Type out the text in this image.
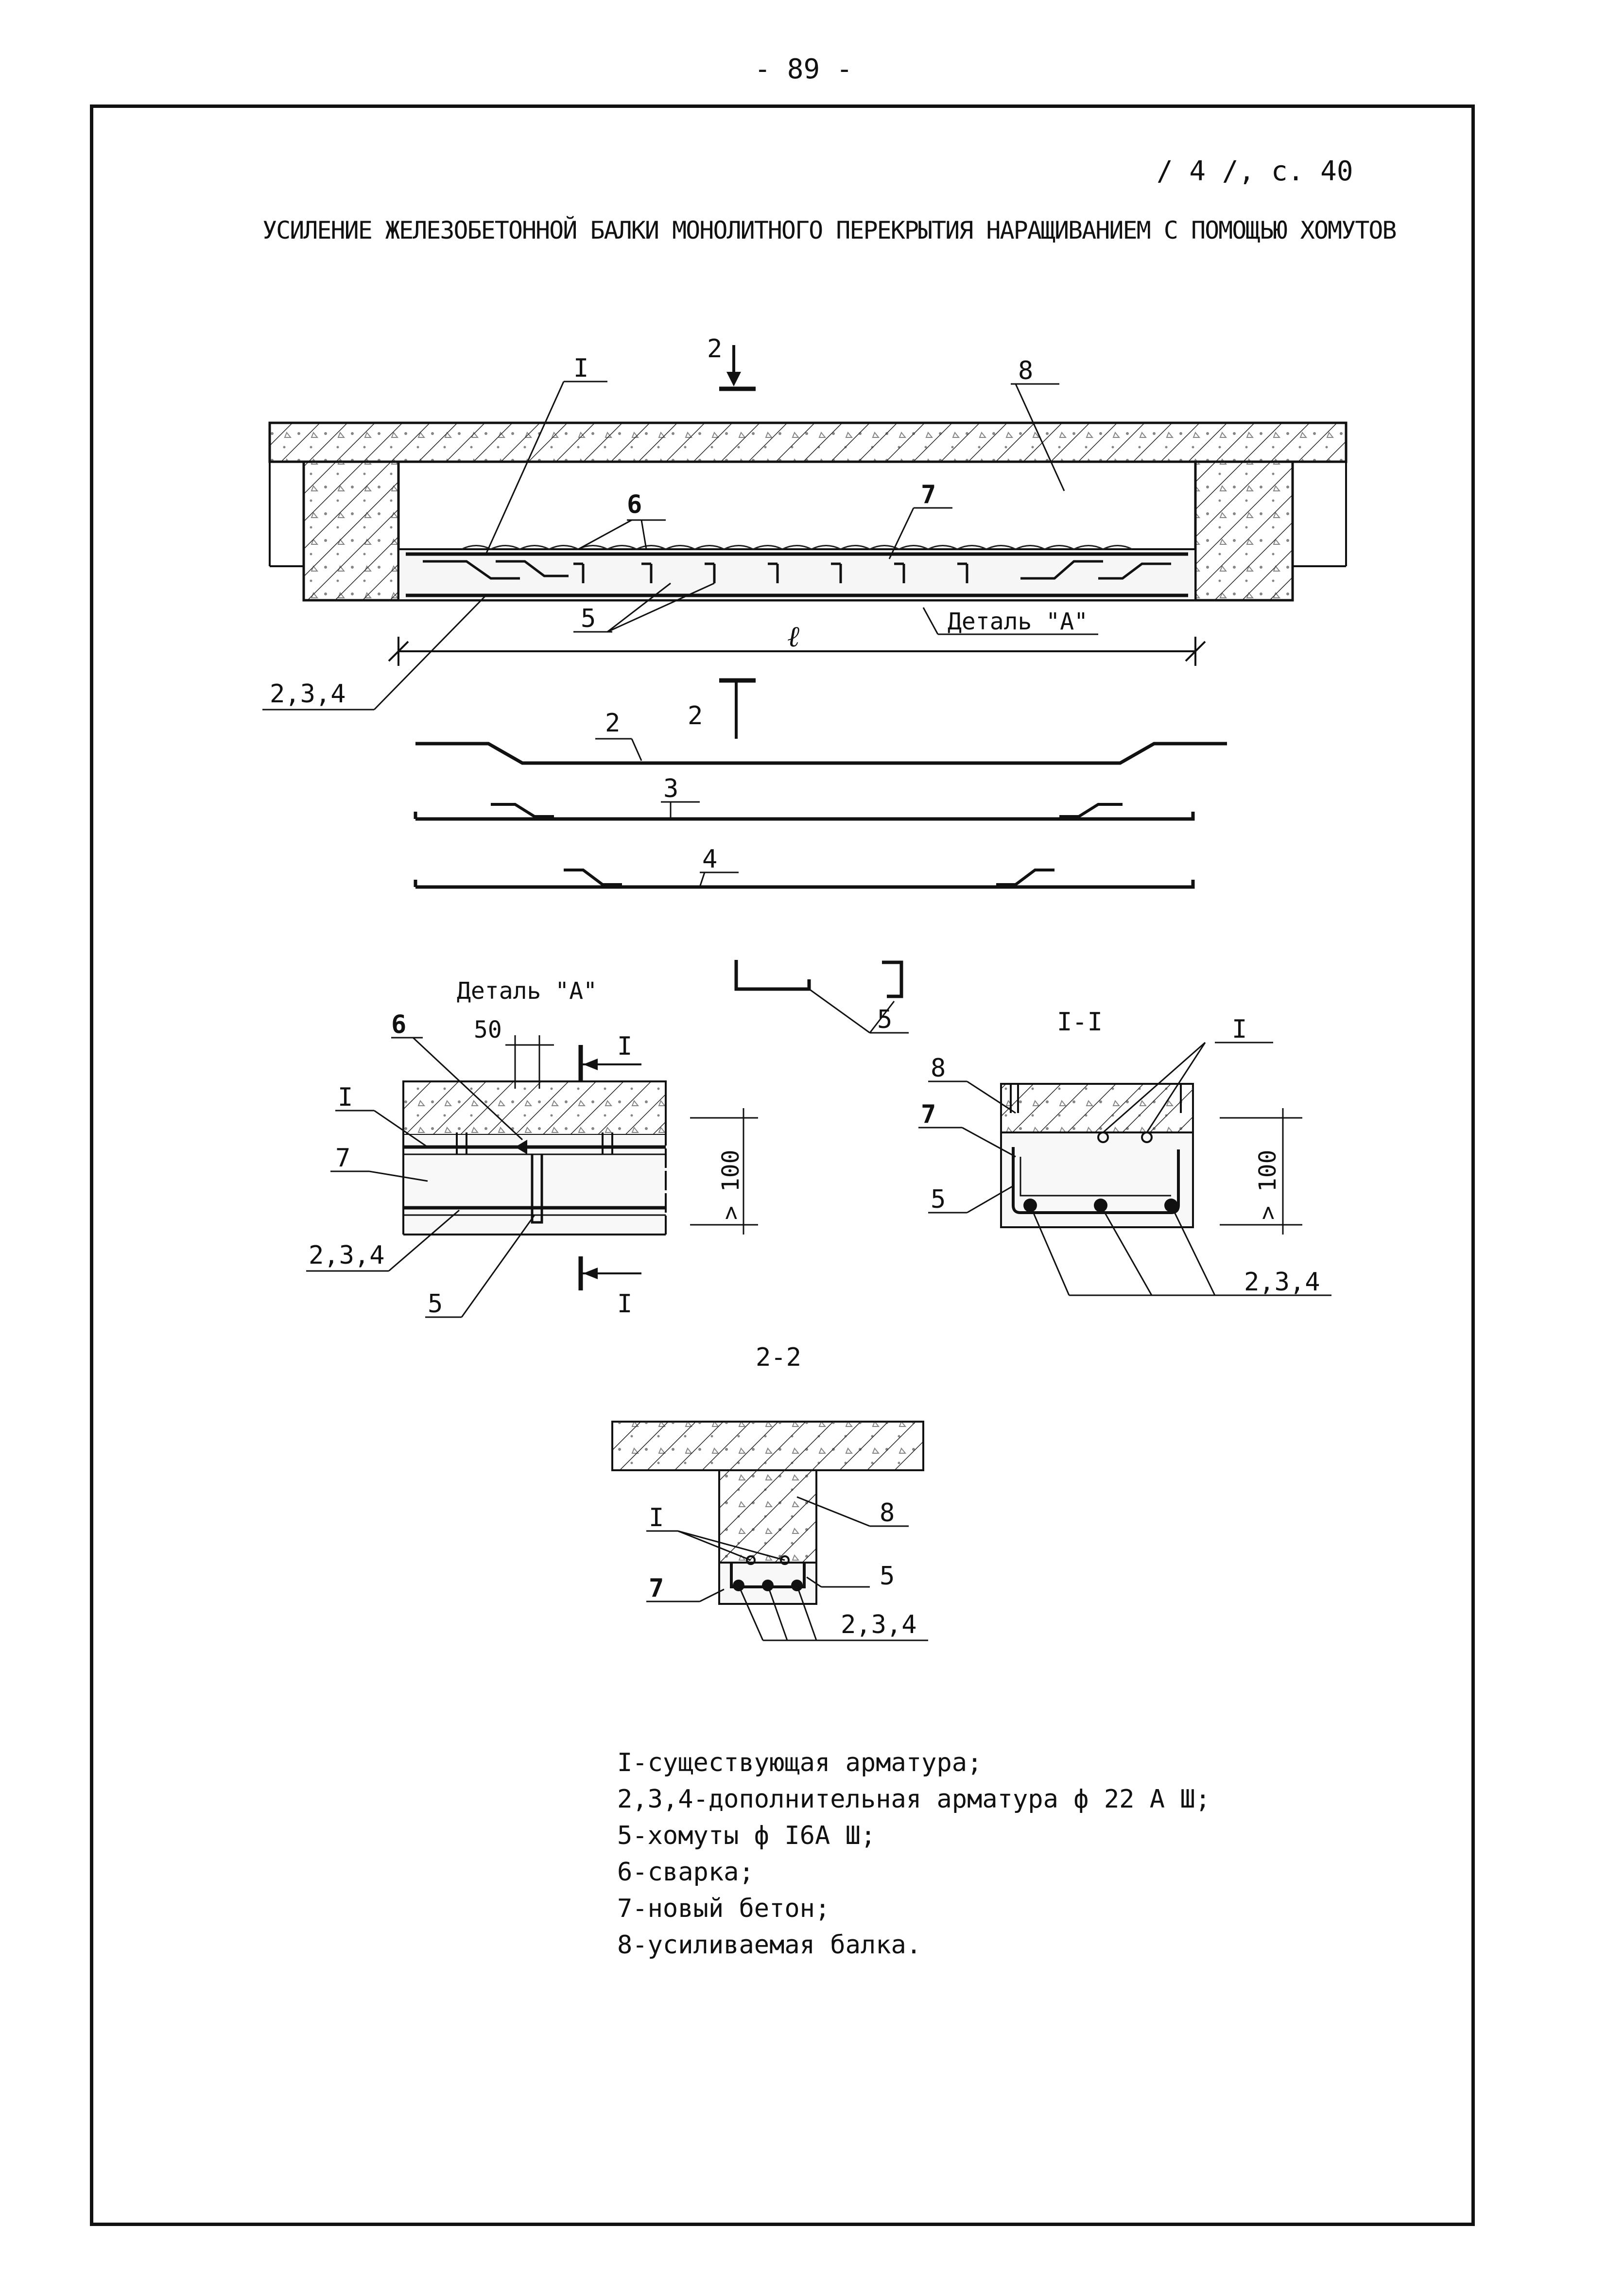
- 89 -
/ 4 /, с. 40
УСИЛЕНИЕ ЖЕЛЕЗОБЕТОННОЙ БАЛКИ МОНОЛИТНОГО ПЕРЕКРЫТИЯ НАРАЩИВАНИЕМ С ПОМОЩЬЮ ХОМУТОВ
ℓ
2
2
I	8
6	7
5	Деталь "A"
2,3,4
2
3
4
5
Деталь "A"
50
> 100
I
I
6
I
7
2,3,4
5
I-I
> 100
I
8
7
5
2,3,4
2-2
8
I
5
7
2,3,4
I-существующая арматура;
2,3,4-дополнительная арматура ф 22 А Ш;
5-хомуты ф I6А Ш;
6-сварка;
7-новый бетон;
8-усиливаемая балка.
